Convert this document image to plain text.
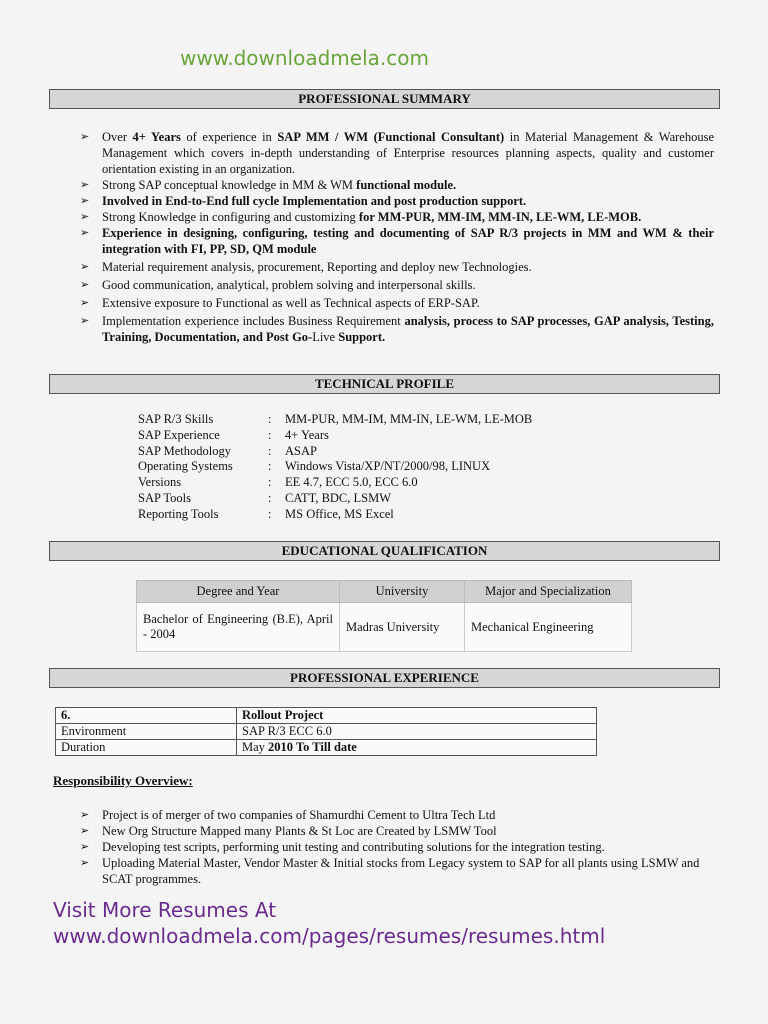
www.downloadmela.com
PROFESSIONAL SUMMARY
➢ Over 4+ Years of experience in SAP MM / WM (Functional Consultant) in Material Management & Warehouse Management which covers in-depth understanding of Enterprise resources planning aspects, quality and customer orientation existing in an organization.
➢ Strong SAP conceptual knowledge in MM & WM functional module.
➢ Involved in End-to-End full cycle Implementation and post production support.
➢ Strong Knowledge in configuring and customizing for MM-PUR, MM-IM, MM-IN, LE-WM, LE-MOB.
➢ Experience in designing, configuring, testing and documenting of SAP R/3 projects in MM and WM & their integration with FI, PP, SD, QM module
➢ Material requirement analysis, procurement, Reporting and deploy new Technologies.
➢ Good communication, analytical, problem solving and interpersonal skills.
➢ Extensive exposure to Functional as well as Technical aspects of ERP-SAP.
➢ Implementation experience includes Business Requirement analysis, process to SAP processes, GAP analysis, Testing, Training, Documentation, and Post Go-Live Support.
TECHNICAL PROFILE
SAP R/3 Skills	:	MM-PUR, MM-IM, MM-IN, LE-WM, LE-MOB
SAP Experience	:	4+ Years
SAP Methodology	:	ASAP
Operating Systems	:	Windows Vista/XP/NT/2000/98, LINUX
Versions	:	EE 4.7, ECC 5.0, ECC 6.0
SAP Tools	:	CATT, BDC, LSMW
Reporting Tools	:	MS Office, MS Excel
EDUCATIONAL QUALIFICATION
Degree and Year	University	Major and Specialization
Bachelor of Engineering (B.E), April - 2004	Madras University	Mechanical Engineering
PROFESSIONAL EXPERIENCE
6.	Rollout Project
Environment	SAP R/3 ECC 6.0
Duration	May 2010 To Till date
Responsibility Overview:
➢ Project is of merger of two companies of Shamurdhi Cement to Ultra Tech Ltd
➢ New Org Structure Mapped many Plants & St Loc are Created by LSMW Tool
➢ Developing test scripts, performing unit testing and contributing solutions for the integration testing.
➢ Uploading Material Master, Vendor Master & Initial stocks from Legacy system to SAP for all plants using LSMW and SCAT programmes.
Visit More Resumes At
www.downloadmela.com/pages/resumes/resumes.html
